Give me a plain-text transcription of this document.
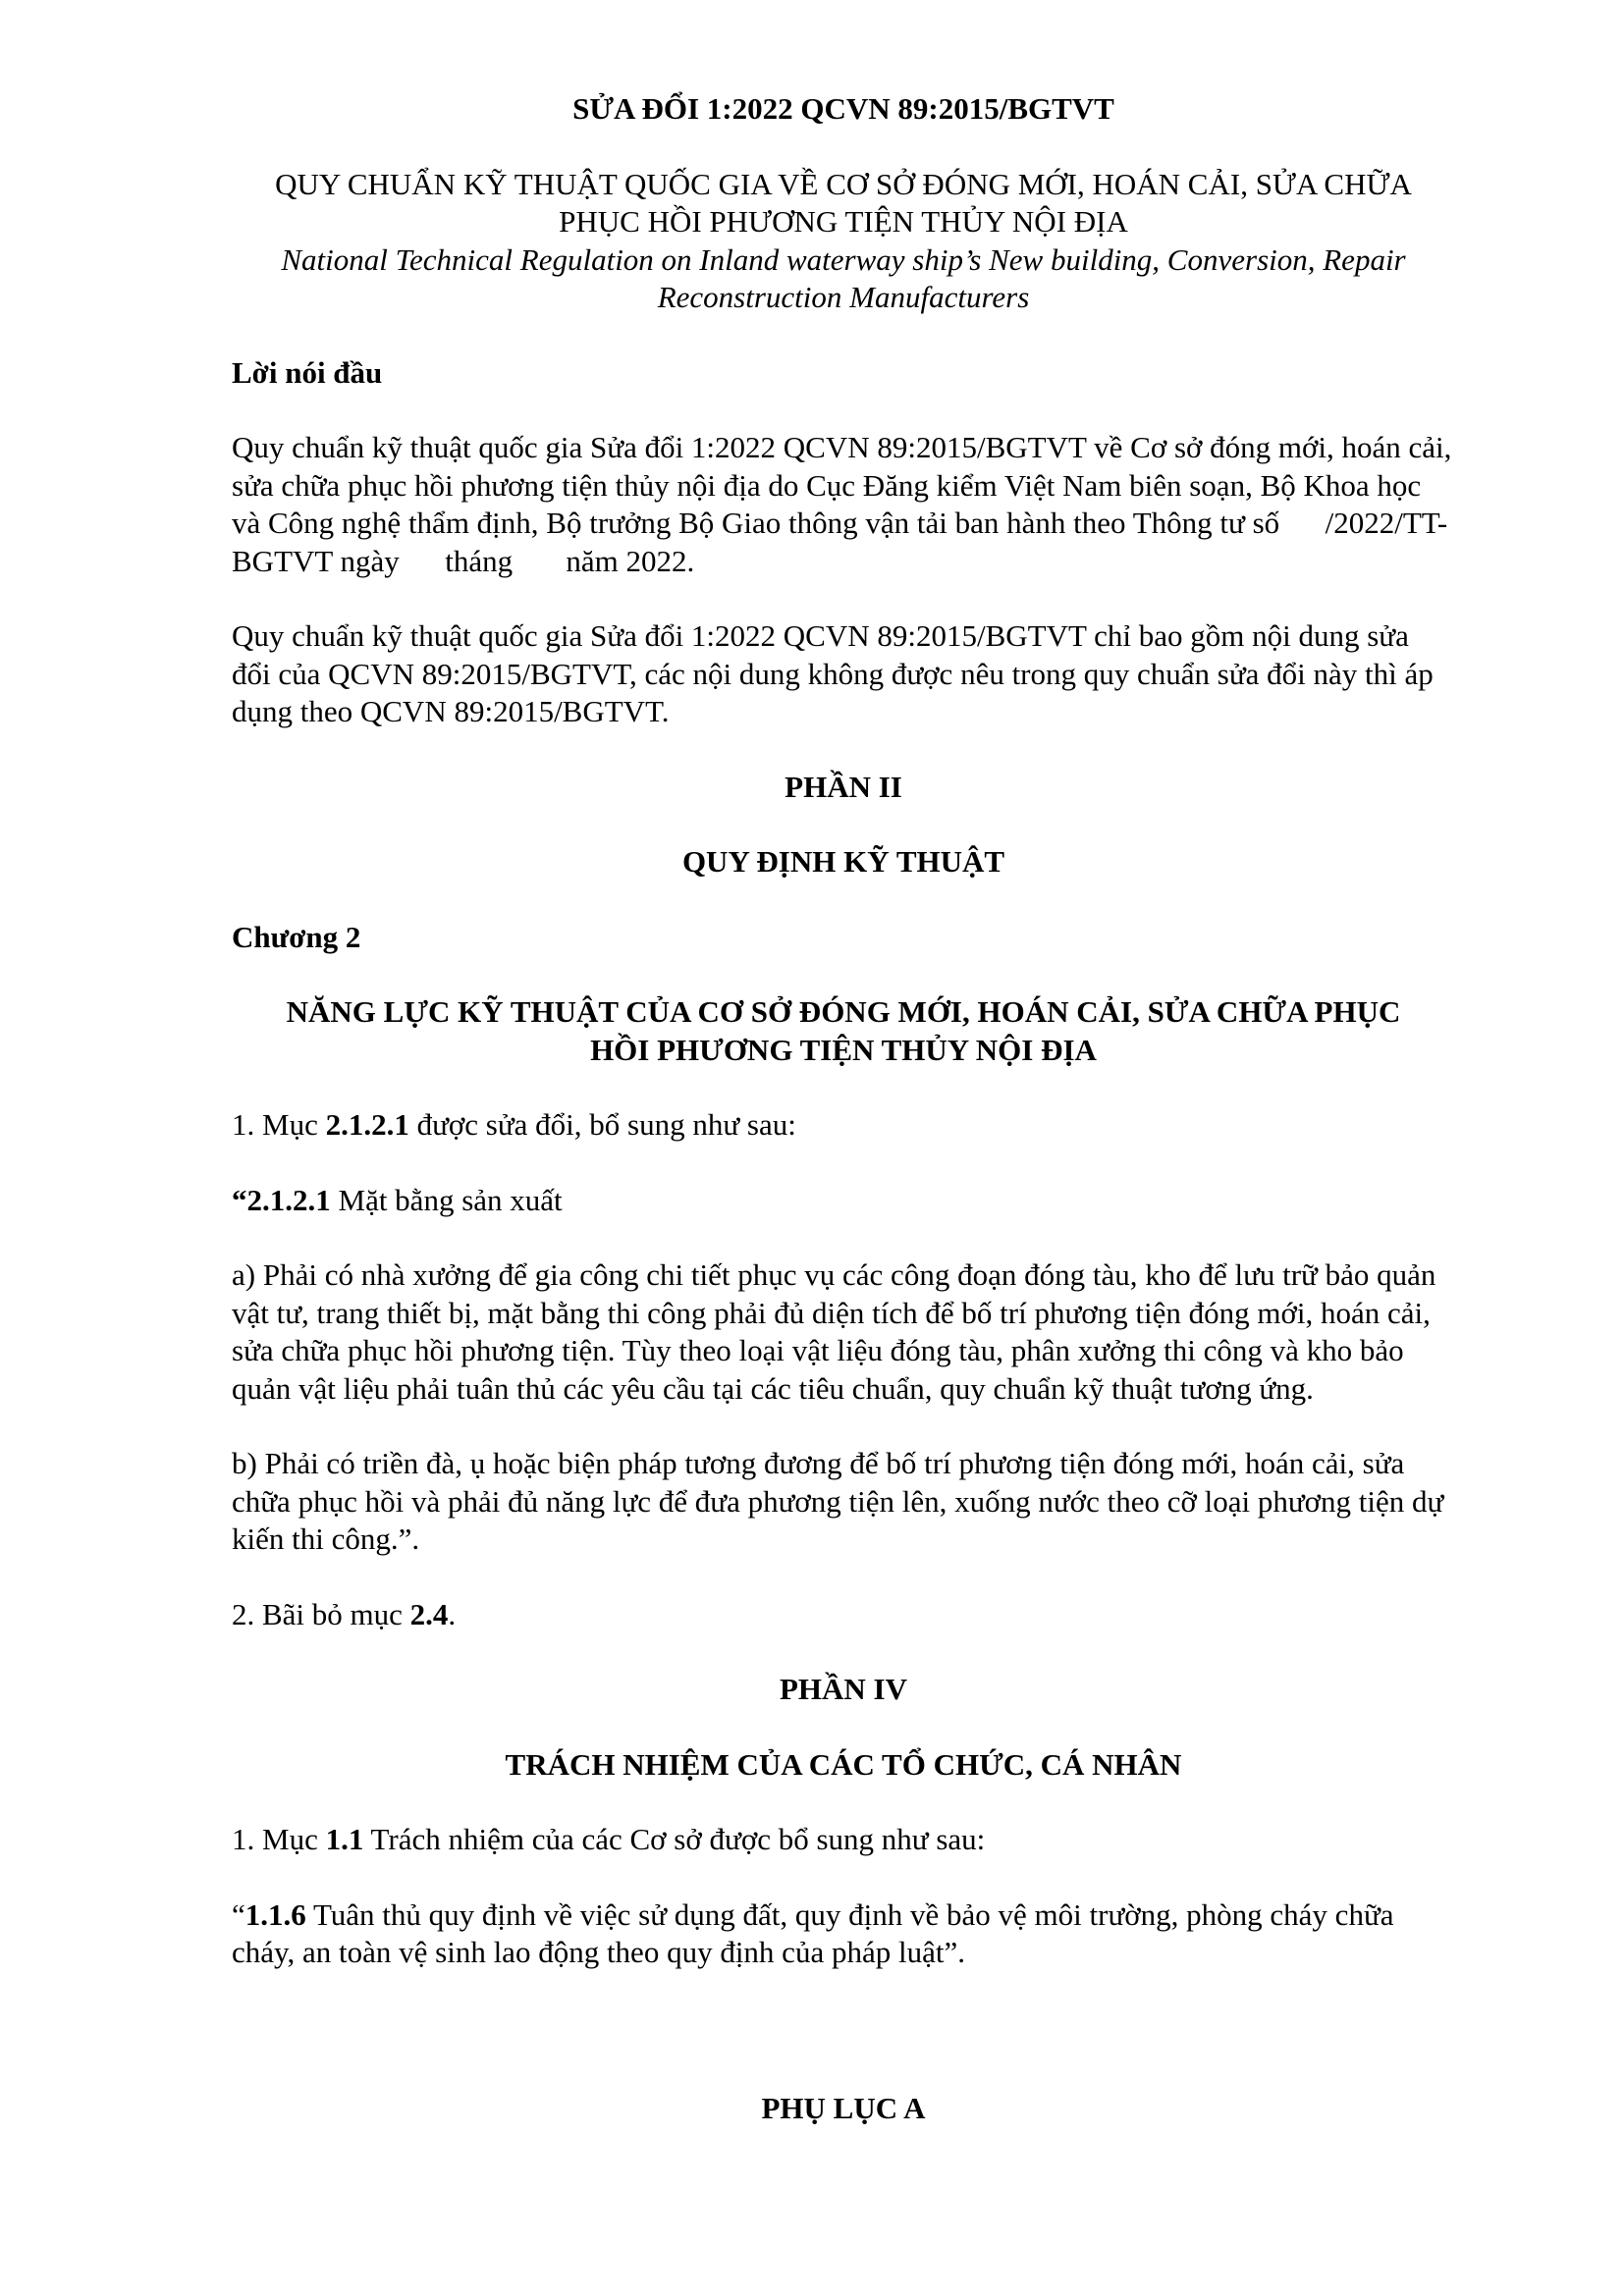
SỬA ĐỔI 1:2022 QCVN 89:2015/BGTVT

QUY CHUẨN KỸ THUẬT QUỐC GIA VỀ CƠ SỞ ĐÓNG MỚI, HOÁN CẢI, SỬA CHỮA

PHỤC HỒI PHƯƠNG TIỆN THỦY NỘI ĐỊA

National Technical Regulation on Inland waterway ship’s New building, Conversion, Repair

Reconstruction Manufacturers

Lời nói đầu

Quy chuẩn kỹ thuật quốc gia Sửa đổi 1:2022 QCVN 89:2015/BGTVT về Cơ sở đóng mới, hoán cải, sửa chữa phục hồi phương tiện thủy nội địa do Cục Đăng kiểm Việt Nam biên soạn, Bộ Khoa học và Công nghệ thẩm định, Bộ trưởng Bộ Giao thông vận tải ban hành theo Thông tư số      /2022/TT-BGTVT ngày      tháng       năm 2022.

Quy chuẩn kỹ thuật quốc gia Sửa đổi 1:2022 QCVN 89:2015/BGTVT chỉ bao gồm nội dung sửa đổi của QCVN 89:2015/BGTVT, các nội dung không được nêu trong quy chuẩn sửa đổi này thì áp dụng theo QCVN 89:2015/BGTVT.

PHẦN II

QUY ĐỊNH KỸ THUẬT

Chương 2

NĂNG LỰC KỸ THUẬT CỦA CƠ SỞ ĐÓNG MỚI, HOÁN CẢI, SỬA CHỮA PHỤC

HỒI PHƯƠNG TIỆN THỦY NỘI ĐỊA

1. Mục 2.1.2.1 được sửa đổi, bổ sung như sau:

“2.1.2.1 Mặt bằng sản xuất

a) Phải có nhà xưởng để gia công chi tiết phục vụ các công đoạn đóng tàu, kho để lưu trữ bảo quản vật tư, trang thiết bị, mặt bằng thi công phải đủ diện tích để bố trí phương tiện đóng mới, hoán cải, sửa chữa phục hồi phương tiện. Tùy theo loại vật liệu đóng tàu, phân xưởng thi công và kho bảo quản vật liệu phải tuân thủ các yêu cầu tại các tiêu chuẩn, quy chuẩn kỹ thuật tương ứng.

b) Phải có triền đà, ụ hoặc biện pháp tương đương để bố trí phương tiện đóng mới, hoán cải, sửa chữa phục hồi và phải đủ năng lực để đưa phương tiện lên, xuống nước theo cỡ loại phương tiện dự kiến thi công.”.

2. Bãi bỏ mục 2.4.

PHẦN IV

TRÁCH NHIỆM CỦA CÁC TỔ CHỨC, CÁ NHÂN

1. Mục 1.1 Trách nhiệm của các Cơ sở được bổ sung như sau:

“1.1.6 Tuân thủ quy định về việc sử dụng đất, quy định về bảo vệ môi trường, phòng cháy chữa cháy, an toàn vệ sinh lao động theo quy định của pháp luật”.

PHỤ LỤC A
